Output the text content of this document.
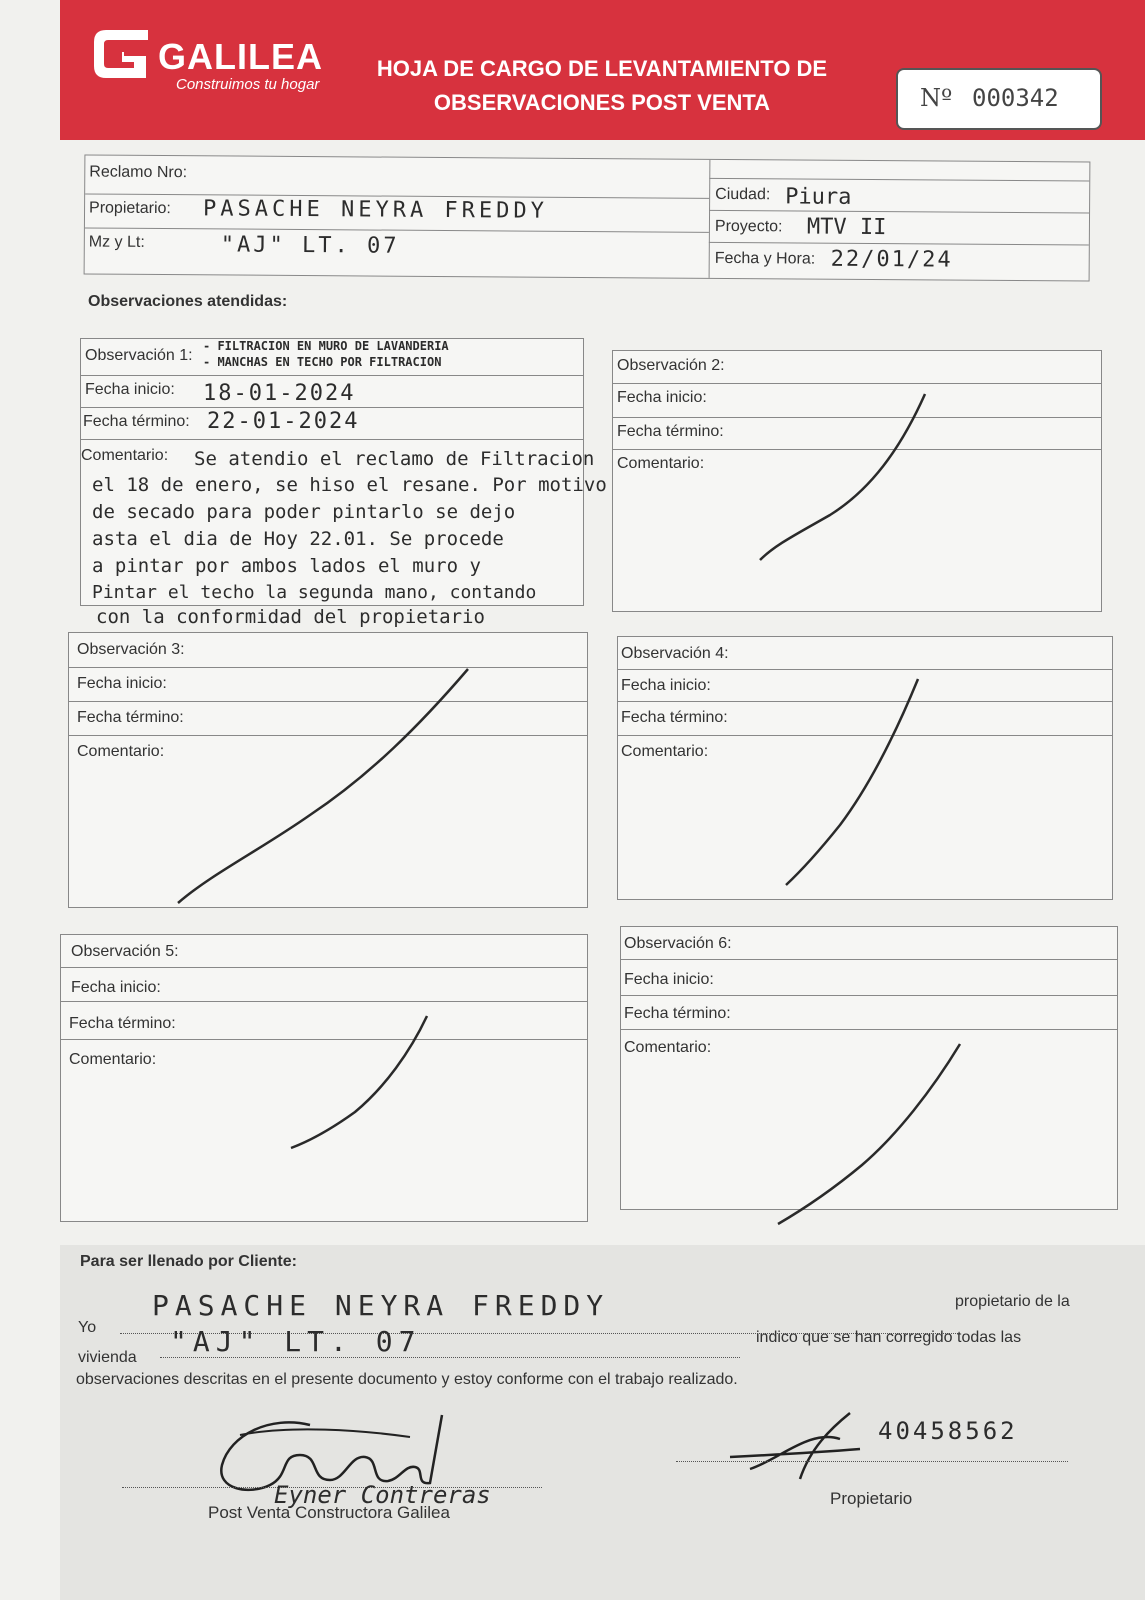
GALILEA
Construimos tu hogar
HOJA DE CARGO DE LEVANTAMIENTO DE
OBSERVACIONES POST VENTA	Nº 000342
Reclamo Nro:
Propietario: PASACHE NEYRA FREDDY
Mz y Lt:	"AJ" LT. 07
Ciudad: Piura
Proyecto: MTV II
Fecha y Hora: 22/01/24
Observaciones atendidas:
Observación 1:
- FILTRACION EN MURO DE LAVANDERIA
- MANCHAS EN TECHO POR FILTRACION
Fecha inicio: 18-01-2024
Fecha término: 22-01-2024
Comentario: Se atendio el reclamo de Filtracion
el 18 de enero, se hiso el resane. Por motivo
de secado para poder pintarlo se dejo
asta el dia de Hoy 22.01. Se procede
a pintar por ambos lados el muro y
Pintar el techo la segunda mano, contando
con la conformidad del propietario
Observación 2:
Fecha inicio:
Fecha término:
Comentario:
Observación 3:
Fecha inicio:
Fecha término:
Comentario:
Observación 4:
Fecha inicio:
Fecha término:
Comentario:
Observación 5:
Fecha inicio:
Fecha término:
Comentario:
Observación 6:
Fecha inicio:
Fecha término:
Comentario:
Para ser llenado por Cliente:
Yo
PASACHE NEYRA FREDDY	propietario de la
vivienda "AJ" LT. 07	indico que se han corregido todas las
observaciones descritas en el presente documento y estoy conforme con el trabajo realizado.
Eyner Contreras
Post Venta Constructora Galilea
40458562
Propietario
